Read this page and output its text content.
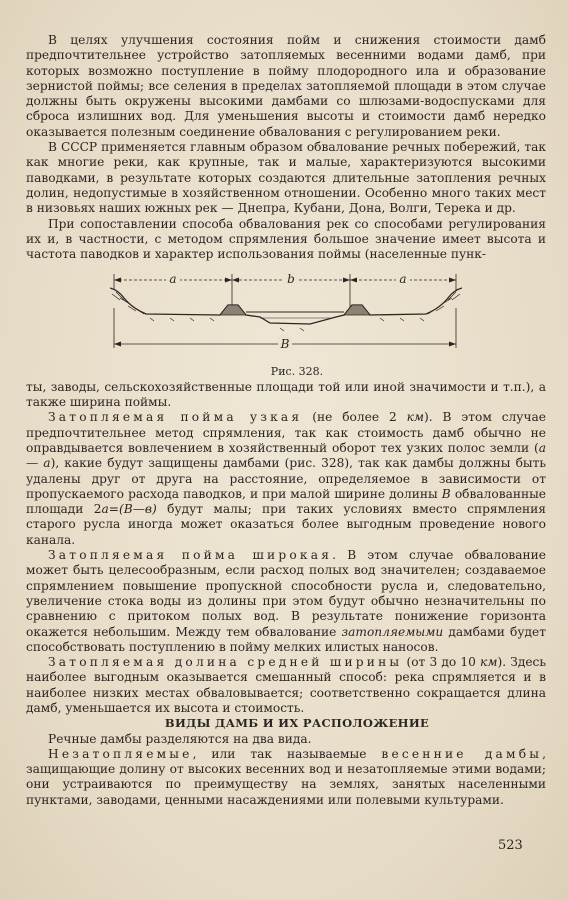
В целях улучшения состояния пойм и снижения стоимости дамб предпочтительнее устройство затопляемых весенними водами дамб, при которых возможно поступление в пойму плодородного ила и образование зернистой поймы; все селения в пределах затопляемой площади в этом случае должны быть окружены высокими дамбами со шлюзами-водоспусками для сброса излишних вод. Для уменьшения высоты и стоимости дамб нередко оказывается полезным соединение обвалования с регулированием реки.

В СССР применяется главным образом обвалование речных побережий, так как многие реки, как крупные, так и малые, характеризуются высокими паводками, в результате которых создаются длительные затопления речных долин, недопустимые в хозяйственном отношении. Особенно много таких мест в низовьях наших южных рек — Днепра, Кубани, Дона, Волги, Терека и др.

При сопоставлении способа обвалования рек со способами регулирования их и, в частности, с методом спрямления большое значение имеет высота и частота паводков и характер использования поймы (населенные пунк-

a	b	a
B

Рис. 328.

ты, заводы, сельскохозяйственные площади той или иной значимости и т.п.), а также ширина поймы.

Затопляемая пойма узкая (не более 2 км). В этом случае предпочтительнее метод спрямления, так как стоимость дамб обычно не оправдывается вовлечением в хозяйственный оборот тех узких полос земли (а — а), какие будут защищены дамбами (рис. 328), так как дамбы должны быть удалены друг от друга на расстояние, определяемое в зависимости от пропускаемого расхода паводков, и при малой ширине долины В обвалованные площади 2а=(В—в) будут малы; при таких условиях вместо спрямления старого русла иногда может оказаться более выгодным проведение нового канала.

Затопляемая пойма широкая. В этом случае обвалование может быть целесообразным, если расход полых вод значителен; создаваемое спрямлением повышение пропускной способности русла и, следовательно, увеличение стока воды из долины при этом будут обычно незначительны по сравнению с притоком полых вод. В результате понижение горизонта окажется небольшим. Между тем обвалование затопляемыми дамбами будет способствовать поступлению в пойму мелких илистых наносов.

Затопляемая долина средней ширины (от 3 до 10 км). Здесь наиболее выгодным оказывается смешанный способ: река спрямляется и в наиболее низких местах обваловывается; соответственно сокращается длина дамб, уменьшается их высота и стоимость.

ВИДЫ ДАМБ И ИХ РАСПОЛОЖЕНИЕ

Речные дамбы разделяются на два вида.

Незатопляемые, или так называемые весенние дамбы, защищающие долину от высоких весенних вод и незатопляемые этими водами; они устраиваются по преимуществу на землях, занятых населенными пунктами, заводами, ценными насаждениями или полевыми культурами.

523
